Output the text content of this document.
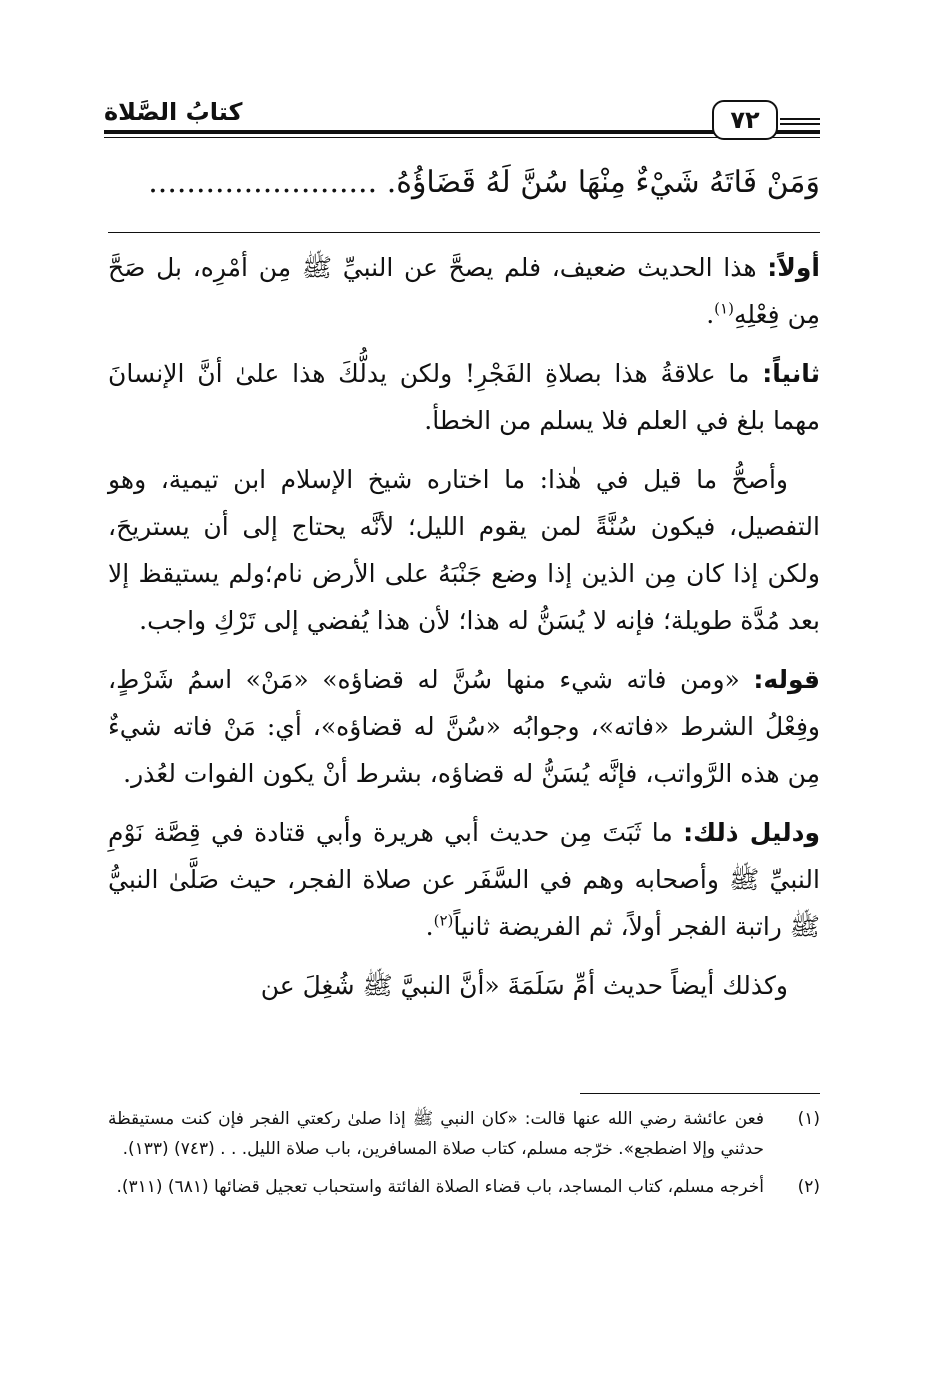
كتابُ الصَّلاة	٧٢
وَمَنْ فَاتَهُ شَيْءٌ مِنْهَا سُنَّ لَهُ قَضَاؤُهُ. ........................

أولاً: هذا الحديث ضعيف، فلم يصحَّ عن النبيِّ ﷺ مِن أمْرِه، بل صَحَّ مِن فِعْلِهِ$^{(١)}$.

ثانياً: ما علاقةُ هذا بصلاةِ الفَجْرِ! ولكن يدلُّكَ هذا علىٰ أنَّ الإنسانَ مهما بلغ في العلم فلا يسلم من الخطأ.

وأصحُّ ما قيل في هٰذا: ما اختاره شيخ الإسلام ابن تيمية، وهو التفصيل، فيكون سُنَّةً لمن يقوم الليل؛ لأنَّه يحتاج إلى أن يستريحَ، ولكن إذا كان مِن الذين إذا وضع جَنْبَهُ على الأرض نام؛ولم يستيقظ إلا بعد مُدَّة طويلة؛ فإنه لا يُسَنُّ له هذا؛ لأن هذا يُفضي إلى تَرْكِ واجب.

قوله: «ومن فاته شيء منها سُنَّ له قضاؤه» «مَنْ» اسمُ شَرْطٍ، وفِعْلُ الشرط «فاته»، وجوابُه «سُنَّ له قضاؤه»، أي: مَنْ فاته شيءٌ مِن هذه الرَّواتب، فإنَّه يُسَنُّ له قضاؤه، بشرط أنْ يكون الفوات لعُذر.

ودليل ذلك: ما ثَبَتَ مِن حديث أبي هريرة وأبي قتادة في قِصَّة نَوْمِ النبيِّ ﷺ وأصحابه وهم في السَّفَر عن صلاة الفجر، حيث صَلَّىٰ النبيُّ ﷺ راتبة الفجر أولاً، ثم الفريضة ثانياً$^{(٢)}$.

وكذلك أيضاً حديث أمِّ سَلَمَةَ «أنَّ النبيَّ ﷺ شُغِلَ عن

(١)
فعن عائشة رضي الله عنها قالت: «كان النبي ﷺ إذا صلىٰ ركعتي الفجر فإن كنت مستيقظة حدثني وإلا اضطجع». خرّجه مسلم، كتاب صلاة المسافرين، باب صلاة الليل. . . (٧٤٣) (١٣٣).
(٢)
أخرجه مسلم، كتاب المساجد، باب قضاء الصلاة الفائتة واستحباب تعجيل قضائها (٦٨١) (٣١١).
